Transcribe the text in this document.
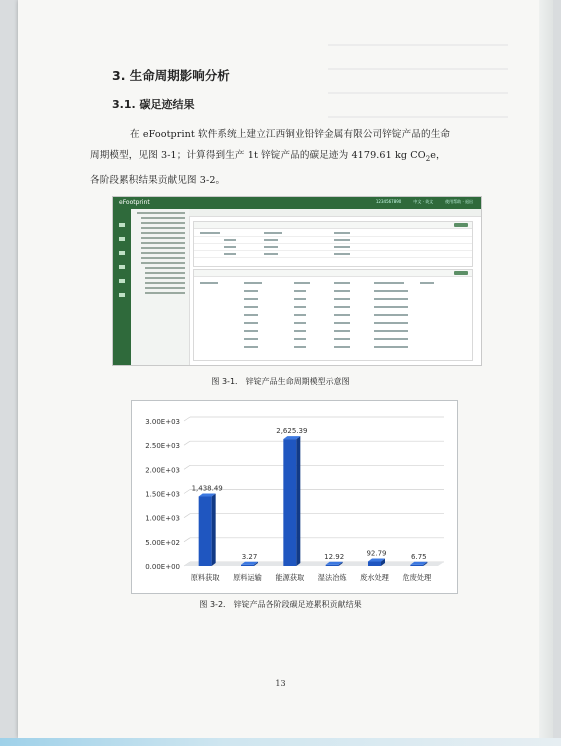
3. 生命周期影响分析
3.1. 碳足迹结果
在 eFootprint 软件系统上建立江西铜业铅锌金属有限公司锌锭产品的生命
周期模型，见图 3-1；计算得到生产 1t 锌锭产品的碳足迹为 4179.61 kg $CO_2e$，
各阶段累积结果贡献见图 3-2。
eFootprint	1234567890	中文 · 英文	使用帮助 · 退出
图 3-1． 锌锭产品生命周期模型示意图
0.00E+00
5.00E+02
1.00E+03
1.50E+03
2.00E+03
2.50E+03
3.00E+03
1,438.49
原料获取
3.27
原料运输
2,625.39
能源获取
12.92
湿法冶炼
92.79
废水处理
6.75
危废处理
图 3-2． 锌锭产品各阶段碳足迹累积贡献结果
13
